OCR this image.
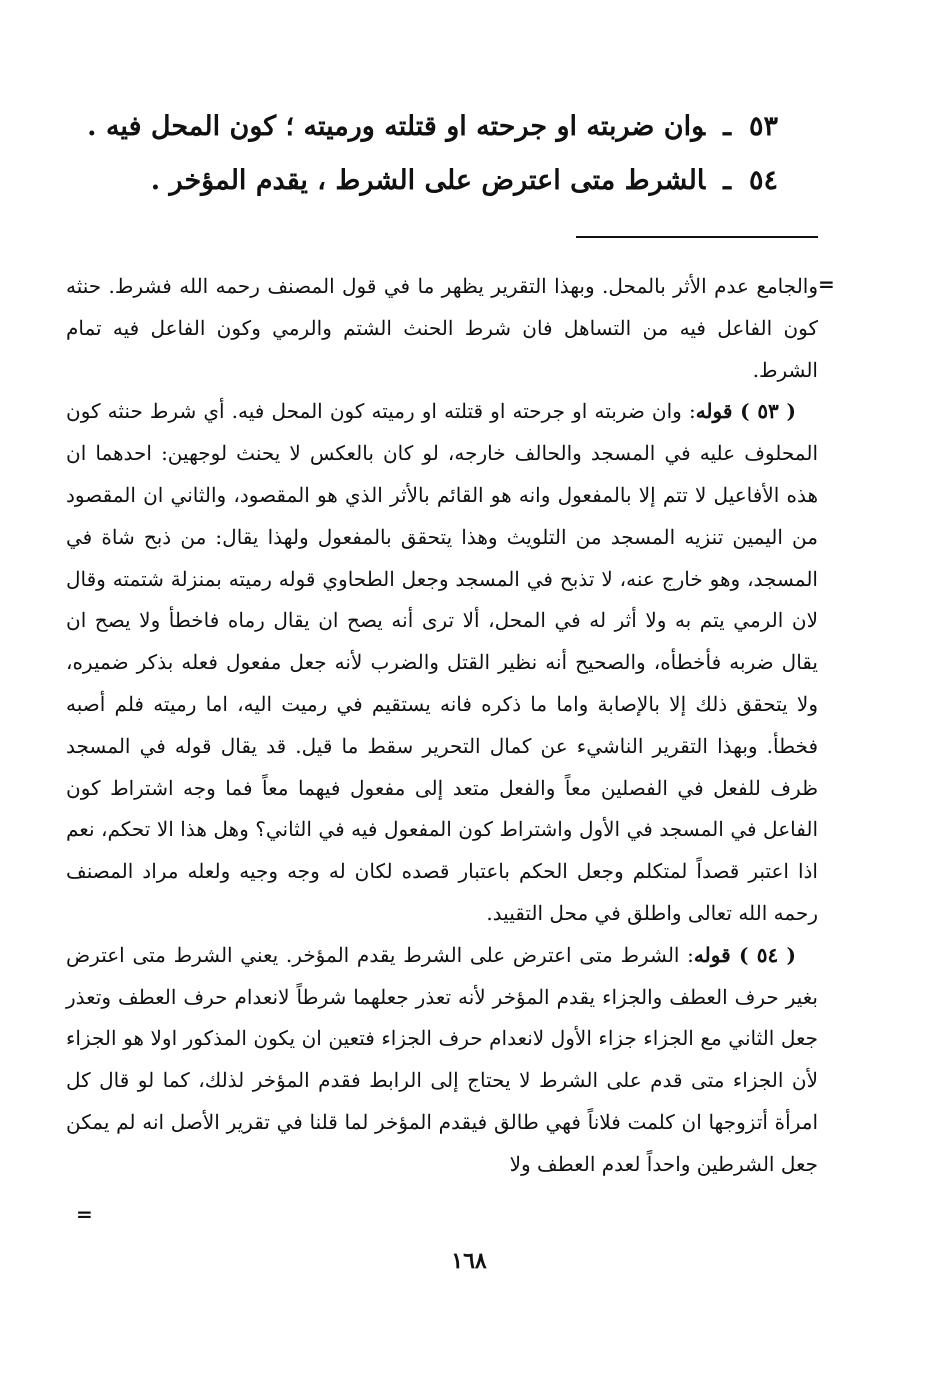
٥٣ـوان ضربته او جرحته او قتلته ورميته ؛ كون المحل فيه .
٥٤ـالشرط متى اعترض على الشرط ، يقدم المؤخر .
=

والجامع عدم الأثر بالمحل. وبهذا التقرير يظهر ما في قول المصنف رحمه الله فشرط. حنثه كون الفاعل فيه من التساهل فان شرط الحنث الشتم والرمي وكون الفاعل فيه تمام الشرط.

( ٥٣ ) قوله: وان ضربته او جرحته او قتلته او رميته كون المحل فيه. أي شرط حنثه كون المحلوف عليه في المسجد والحالف خارجه، لو كان بالعكس لا يحنث لوجهين: احدهما ان هذه الأفاعيل لا تتم إلا بالمفعول وانه هو القائم بالأثر الذي هو المقصود، والثاني ان المقصود من اليمين تنزيه المسجد من التلويث وهذا يتحقق بالمفعول ولهذا يقال: من ذبح شاة في المسجد، وهو خارج عنه، لا تذبح في المسجد وجعل الطحاوي قوله رميته بمنزلة شتمته وقال لان الرمي يتم به ولا أثر له في المحل، ألا ترى أنه يصح ان يقال رماه فاخطأ ولا يصح ان يقال ضربه فأخطأه، والصحيح أنه نظير القتل والضرب لأنه جعل مفعول فعله بذكر ضميره، ولا يتحقق ذلك إلا بالإصابة واما ما ذكره فانه يستقيم في رميت اليه، اما رميته فلم أصبه فخطأ. وبهذا التقرير الناشيء عن كمال التحرير سقط ما قيل. قد يقال قوله في المسجد ظرف للفعل في الفصلين معاً والفعل متعد إلى مفعول فيهما معاً فما وجه اشتراط كون الفاعل في المسجد في الأول واشتراط كون المفعول فيه في الثاني؟ وهل هذا الا تحكم، نعم اذا اعتبر قصداً لمتكلم وجعل الحكم باعتبار قصده لكان له وجه وجيه ولعله مراد المصنف رحمه الله تعالى واطلق في محل التقييد.

( ٥٤ ) قوله: الشرط متى اعترض على الشرط يقدم المؤخر. يعني الشرط متى اعترض بغير حرف العطف والجزاء يقدم المؤخر لأنه تعذر جعلهما شرطاً لانعدام حرف العطف وتعذر جعل الثاني مع الجزاء جزاء الأول لانعدام حرف الجزاء فتعين ان يكون المذكور اولا هو الجزاء لأن الجزاء متى قدم على الشرط لا يحتاج إلى الرابط فقدم المؤخر لذلك، كما لو قال كل امرأة أتزوجها ان كلمت فلاناً فهي طالق فيقدم المؤخر لما قلنا في تقرير الأصل انه لم يمكن جعل الشرطين واحداً لعدم العطف ولا

=
١٦٨
